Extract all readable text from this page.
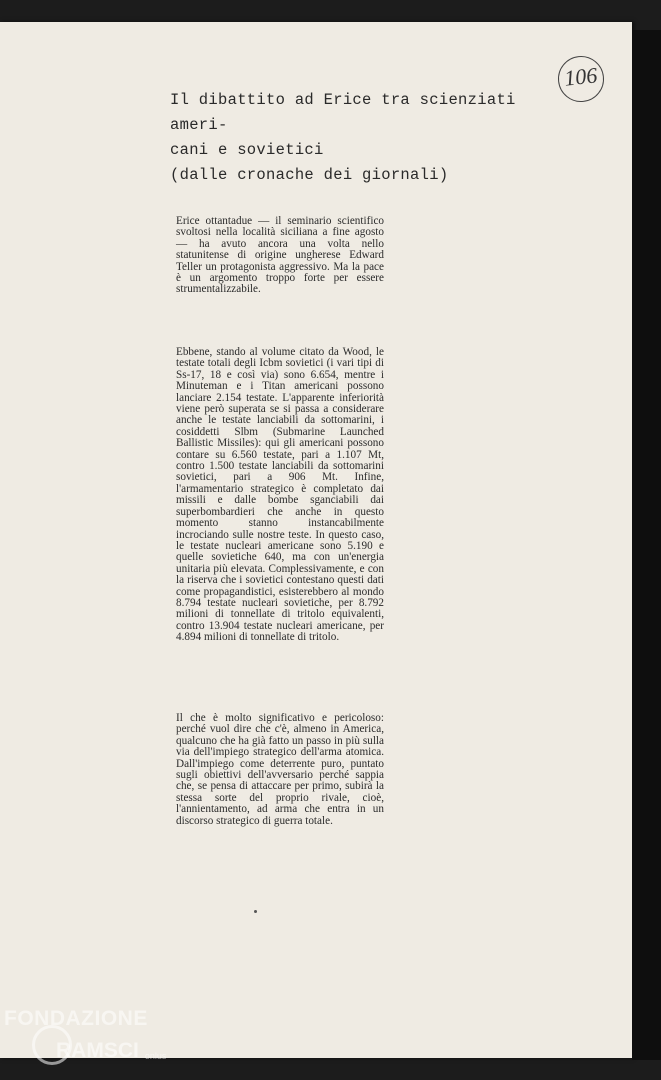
106
Il dibattito ad Erice tra scienziati ameri-
cani e sovietici
(dalle cronache dei giornali)
Erice ottantadue — il seminario scientifico svoltosi nella località siciliana a fine agosto — ha avuto ancora una volta nello statunitense di origine ungherese Edward Teller un protagonista aggressivo. Ma la pace è un argomento troppo forte per essere strumentalizzabile.
Ebbene, stando al volume citato da Wood, le testate totali degli Icbm sovietici (i vari tipi di Ss-17, 18 e così via) sono 6.654, mentre i Minuteman e i Titan americani possono lanciare 2.154 testate. L'apparente inferiorità viene però superata se si passa a considerare anche le testate lanciabili da sottomarini, i cosiddetti Slbm (Submarine Launched Ballistic Missiles): qui gli americani possono contare su 6.560 testate, pari a 1.107 Mt, contro 1.500 testate lanciabili da sottomarini sovietici, pari a 906 Mt. Infine, l'armamentario strategico è completato dai missili e dalle bombe sganciabili dai superbombardieri che anche in questo momento stanno instancabilmente incrociando sulle nostre teste. In questo caso, le testate nucleari americane sono 5.190 e quelle sovietiche 640, ma con un'energia unitaria più elevata. Complessivamente, e con la riserva che i sovietici contestano questi dati come propagandistici, esisterebbero al mondo 8.794 testate nucleari sovietiche, per 8.792 milioni di tonnellate di tritolo equivalenti, contro 13.904 testate nucleari americane, per 4.894 milioni di tonnellate di tritolo.
Il che è molto significativo e pericoloso: perché vuol dire che c'è, almeno in America, qualcuno che ha già fatto un passo in più sulla via dell'impiego strategico dell'arma atomica. Dall'impiego come deterrente puro, puntato sugli obiettivi dell'avversario perché sappia che, se pensa di attaccare per primo, subirà la stessa sorte del proprio rivale, cioè, l'annientamento, ad arma che entra in un discorso strategico di guerra totale.
FONDAZIONE
RAMSCI onlus
